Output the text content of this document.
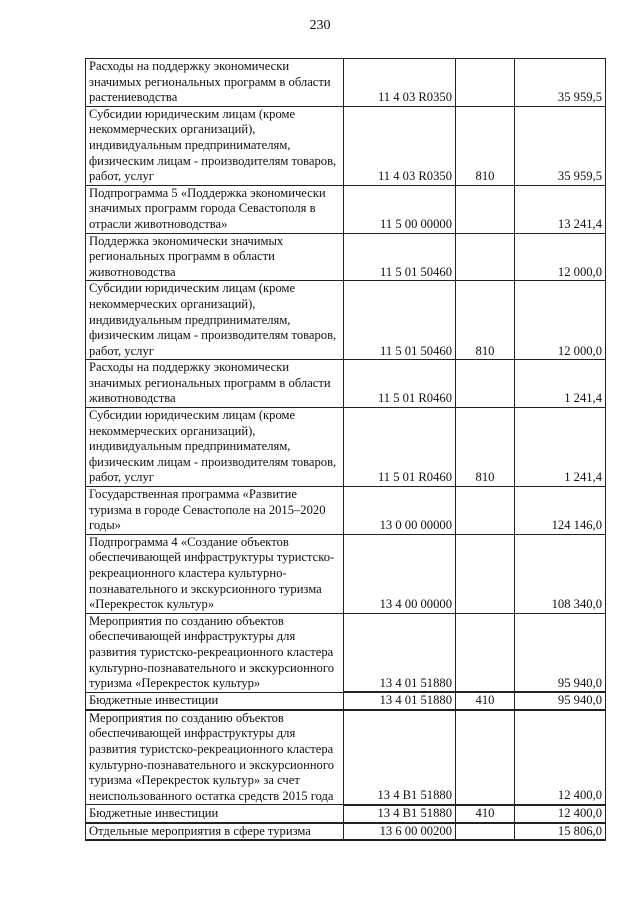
230
Расходы на поддержку экономически значимых региональных программ в области растениеводства	11 4 03 R0350		35 959,5
Субсидии юридическим лицам (кроме некоммерческих организаций), индивидуальным предпринимателям, физическим лицам - производителям товаров, работ, услуг	11 4 03 R0350	810	35 959,5
Подпрограмма 5 «Поддержка экономически значимых программ города Севастополя в отрасли животноводства»	11 5 00 00000		13 241,4
Поддержка экономически значимых региональных программ в области животноводства	11 5 01 50460		12 000,0
Субсидии юридическим лицам (кроме некоммерческих организаций), индивидуальным предпринимателям, физическим лицам - производителям товаров, работ, услуг	11 5 01 50460	810	12 000,0
Расходы на поддержку экономически значимых региональных программ в области животноводства	11 5 01 R0460		1 241,4
Субсидии юридическим лицам (кроме некоммерческих организаций), индивидуальным предпринимателям, физическим лицам - производителям товаров, работ, услуг	11 5 01 R0460	810	1 241,4
Государственная программа «Развитие туризма в городе Севастополе на 2015–2020 годы»	13 0 00 00000		124 146,0
Подпрограмма 4 «Создание объектов обеспечивающей инфраструктуры туристско-рекреационного кластера культурно-познавательного и экскурсионного туризма «Перекресток культур»	13 4 00 00000		108 340,0
Мероприятия по созданию объектов обеспечивающей инфраструктуры для развития туристско-рекреационного кластера культурно-познавательного и экскурсионного туризма «Перекресток культур»	13 4 01 51880		95 940,0
Бюджетные инвестиции	13 4 01 51880	410	95 940,0
Мероприятия по созданию объектов обеспечивающей инфраструктуры для развития туристско-рекреационного кластера культурно-познавательного и экскурсионного туризма «Перекресток культур» за счет неиспользованного остатка средств 2015 года	13 4 В1 51880		12 400,0
Бюджетные инвестиции	13 4 В1 51880	410	12 400,0
Отдельные мероприятия в сфере туризма	13 6 00 00200		15 806,0
